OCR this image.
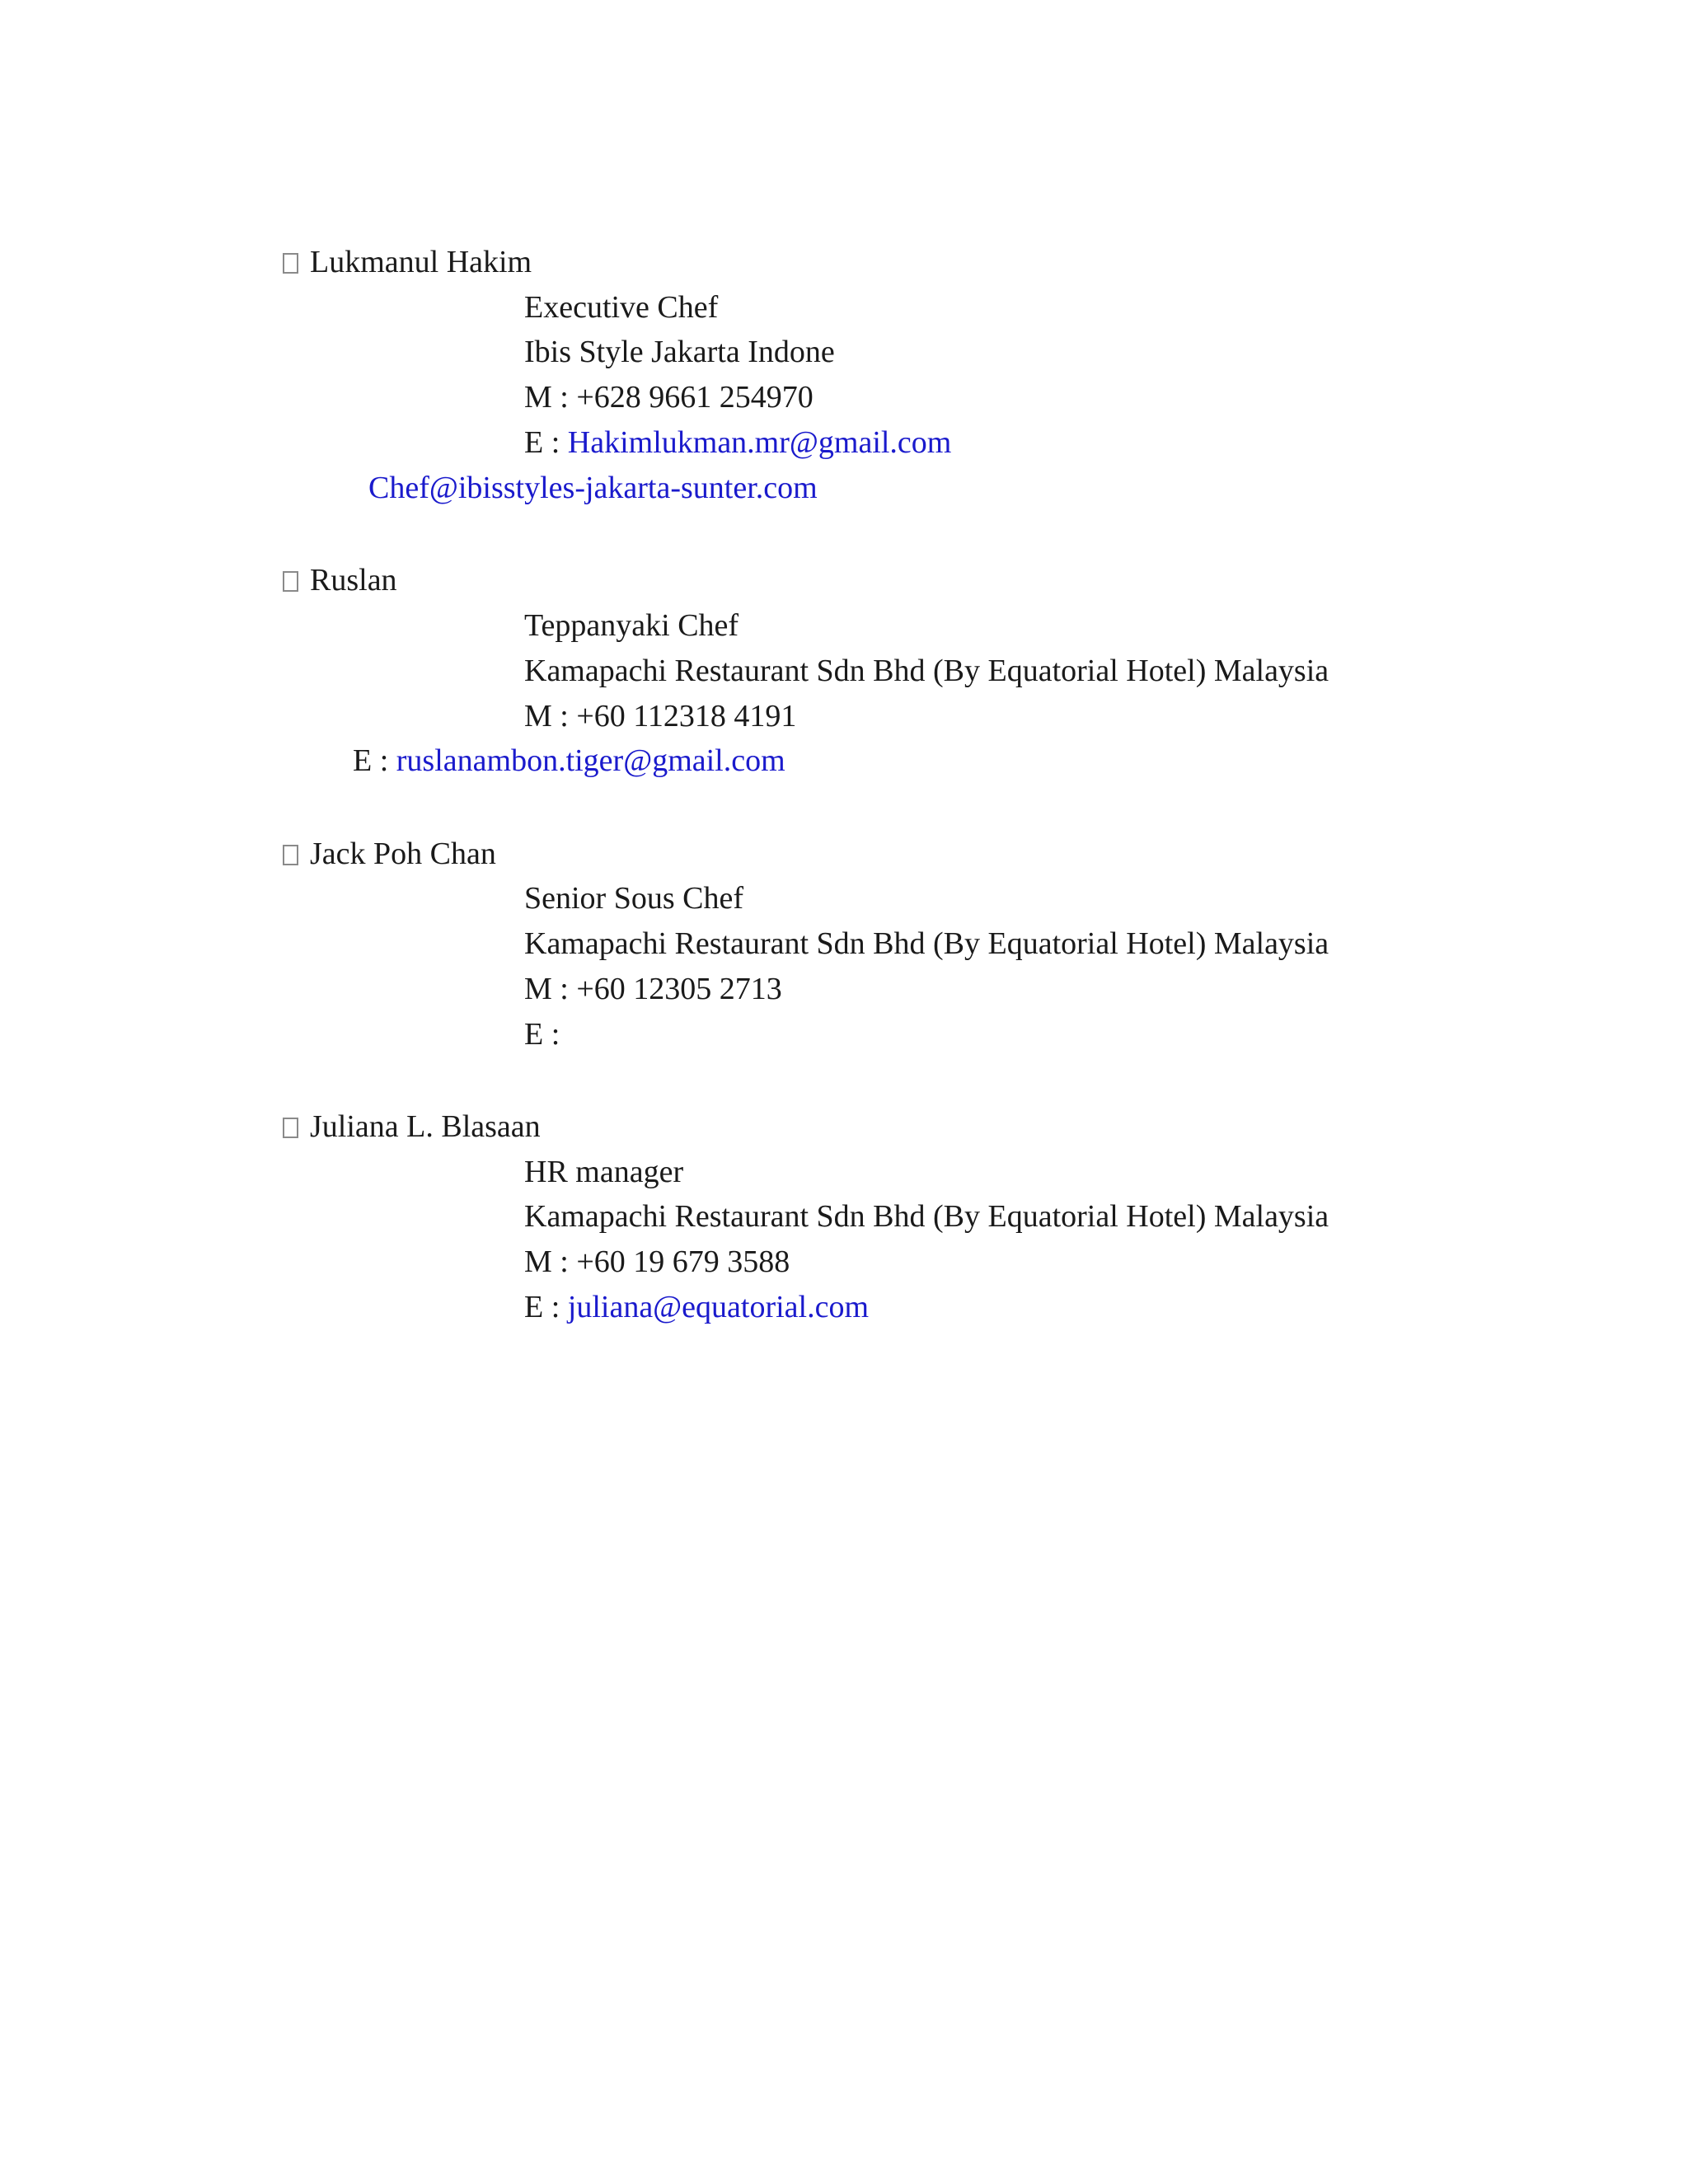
Lukmanul Hakim
Executive Chef
Ibis Style Jakarta Indone
M : +628 9661 254970
E : Hakimlukman.mr@gmail.com
Chef@ibisstyles-jakarta-sunter.com
Ruslan
Teppanyaki Chef
Kamapachi Restaurant Sdn Bhd (By Equatorial Hotel) Malaysia
M : +60 112318 4191
E : ruslanambon.tiger@gmail.com
Jack Poh Chan
Senior Sous Chef
Kamapachi Restaurant Sdn Bhd (By Equatorial Hotel) Malaysia
M : +60 12305 2713
E :
Juliana L. Blasaan
HR manager
Kamapachi Restaurant Sdn Bhd (By Equatorial Hotel) Malaysia
M : +60 19 679 3588
E : juliana@equatorial.com
